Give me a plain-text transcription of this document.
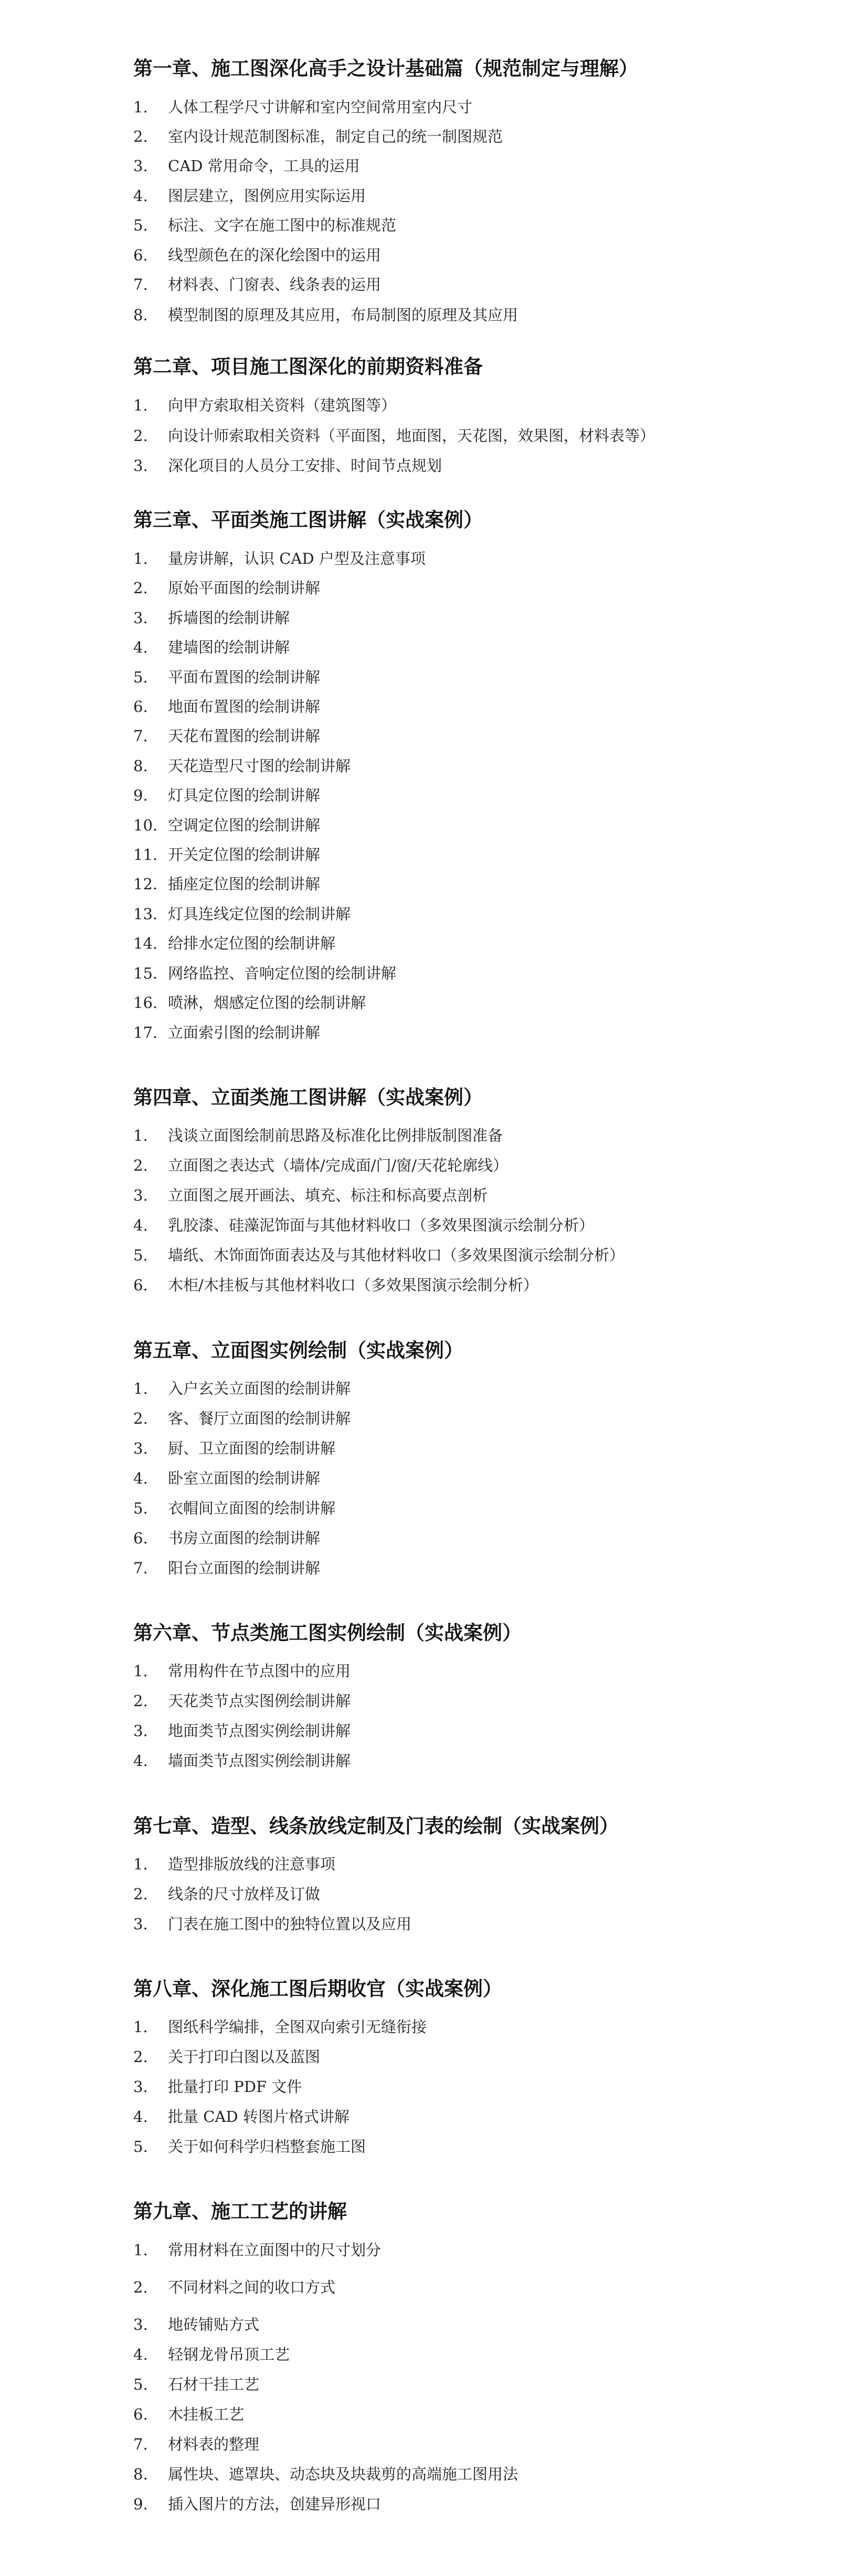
第一章、施工图深化高手之设计基础篇（规范制定与理解）
1. 人体工程学尺寸讲解和室内空间常用室内尺寸
2. 室内设计规范制图标准，制定自己的统一制图规范
3. CAD 常用命令，工具的运用
4. 图层建立，图例应用实际运用
5. 标注、文字在施工图中的标准规范
6. 线型颜色在的深化绘图中的运用
7. 材料表、门窗表、线条表的运用
8. 模型制图的原理及其应用，布局制图的原理及其应用
第二章、项目施工图深化的前期资料准备
1. 向甲方索取相关资料（建筑图等）
2. 向设计师索取相关资料（平面图，地面图，天花图，效果图，材料表等）
3. 深化项目的人员分工安排、时间节点规划
第三章、平面类施工图讲解（实战案例）
1. 量房讲解，认识 CAD 户型及注意事项
2. 原始平面图的绘制讲解
3. 拆墙图的绘制讲解
4. 建墙图的绘制讲解
5. 平面布置图的绘制讲解
6. 地面布置图的绘制讲解
7. 天花布置图的绘制讲解
8. 天花造型尺寸图的绘制讲解
9. 灯具定位图的绘制讲解
10. 空调定位图的绘制讲解
11. 开关定位图的绘制讲解
12. 插座定位图的绘制讲解
13. 灯具连线定位图的绘制讲解
14. 给排水定位图的绘制讲解
15. 网络监控、音响定位图的绘制讲解
16. 喷淋，烟感定位图的绘制讲解
17. 立面索引图的绘制讲解
第四章、立面类施工图讲解（实战案例）
1. 浅谈立面图绘制前思路及标准化比例排版制图准备
2. 立面图之表达式（墙体/完成面/门/窗/天花轮廓线）
3. 立面图之展开画法、填充、标注和标高要点剖析
4. 乳胶漆、硅藻泥饰面与其他材料收口（多效果图演示绘制分析）
5. 墙纸、木饰面饰面表达及与其他材料收口（多效果图演示绘制分析）
6. 木柜/木挂板与其他材料收口（多效果图演示绘制分析）
第五章、立面图实例绘制（实战案例）
1. 入户玄关立面图的绘制讲解
2. 客、餐厅立面图的绘制讲解
3. 厨、卫立面图的绘制讲解
4. 卧室立面图的绘制讲解
5. 衣帽间立面图的绘制讲解
6. 书房立面图的绘制讲解
7. 阳台立面图的绘制讲解
第六章、节点类施工图实例绘制（实战案例）
1. 常用构件在节点图中的应用
2. 天花类节点实图例绘制讲解
3. 地面类节点图实例绘制讲解
4. 墙面类节点图实例绘制讲解
第七章、造型、线条放线定制及门表的绘制（实战案例）
1. 造型排版放线的注意事项
2. 线条的尺寸放样及订做
3. 门表在施工图中的独特位置以及应用
第八章、深化施工图后期收官（实战案例）
1. 图纸科学编排，全图双向索引无缝衔接
2. 关于打印白图以及蓝图
3. 批量打印 PDF 文件
4. 批量 CAD 转图片格式讲解
5. 关于如何科学归档整套施工图
第九章、施工工艺的讲解
1. 常用材料在立面图中的尺寸划分
2. 不同材料之间的收口方式
3. 地砖铺贴方式
4. 轻钢龙骨吊顶工艺
5. 石材干挂工艺
6. 木挂板工艺
7. 材料表的整理
8. 属性块、遮罩块、动态块及块裁剪的高端施工图用法
9. 插入图片的方法，创建异形视口
